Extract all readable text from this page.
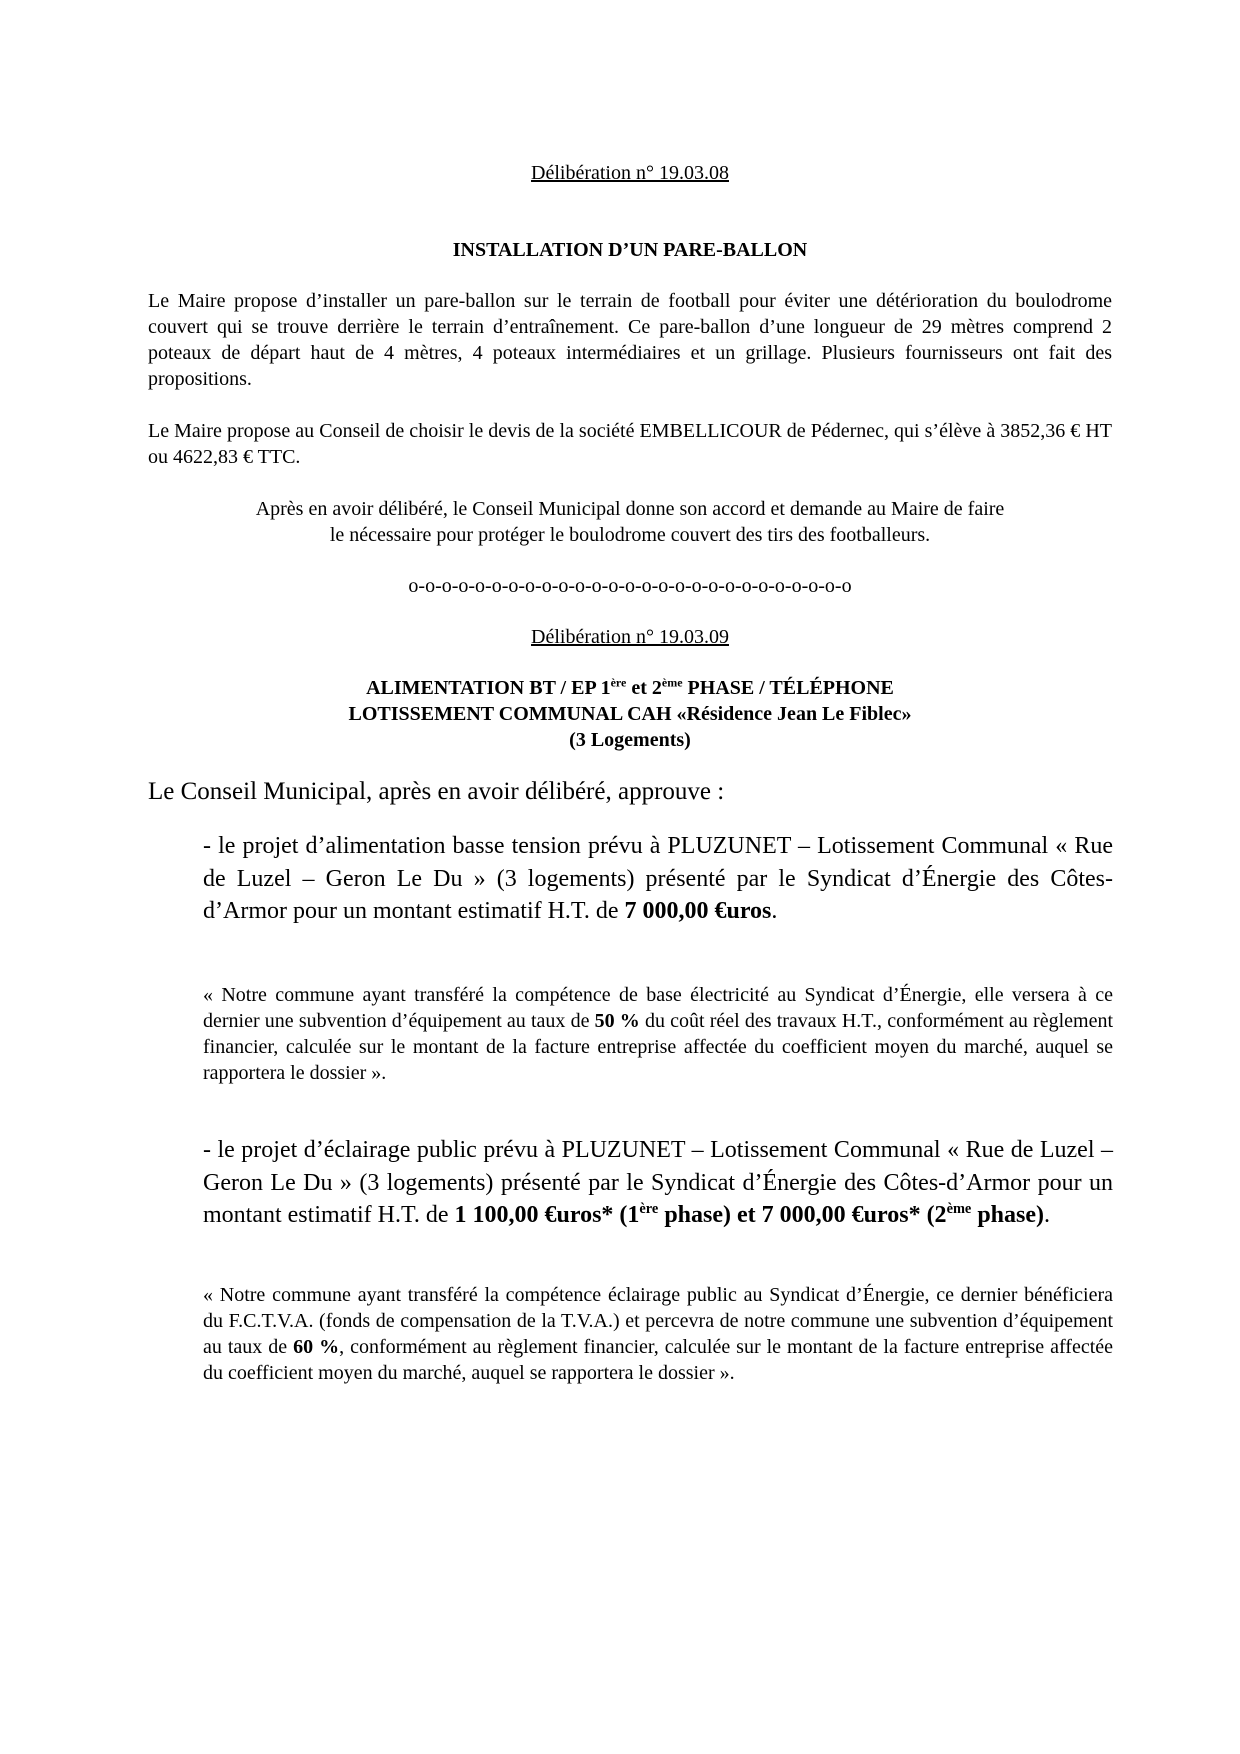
Délibération n° 19.03.08
INSTALLATION D’UN PARE-BALLON
Le Maire propose d’installer un pare-ballon sur le terrain de football pour éviter une détérioration du boulodrome couvert qui se trouve derrière le terrain d’entraînement. Ce pare-ballon d’une longueur de 29 mètres comprend 2 poteaux de départ haut de 4 mètres, 4 poteaux intermédiaires et un grillage. Plusieurs fournisseurs ont fait des propositions.
Le Maire propose au Conseil de choisir le devis de la société EMBELLICOUR de Pédernec, qui s’élève à 3852,36 € HT ou 4622,83 € TTC.
Après en avoir délibéré, le Conseil Municipal donne son accord et demande au Maire de faire
le nécessaire pour protéger le boulodrome couvert des tirs des footballeurs.
o-o-o-o-o-o-o-o-o-o-o-o-o-o-o-o-o-o-o-o-o-o-o-o-o-o-o
Délibération n° 19.03.09
ALIMENTATION BT / EP 1ère et 2ème PHASE / TÉLÉPHONE
LOTISSEMENT COMMUNAL CAH «Résidence Jean Le Fiblec»
(3 Logements)
Le Conseil Municipal, après en avoir délibéré, approuve :
- le projet d’alimentation basse tension prévu à PLUZUNET – Lotissement Communal « Rue de Luzel – Geron Le Du » (3 logements) présenté par le Syndicat d’Énergie des Côtes-d’Armor pour un montant estimatif H.T. de 7 000,00 €uros.
« Notre commune ayant transféré la compétence de base électricité au Syndicat d’Énergie, elle versera à ce dernier une subvention d’équipement au taux de 50 % du coût réel des travaux H.T., conformément au règlement financier, calculée sur le montant de la facture entreprise affectée du coefficient moyen du marché, auquel se rapportera le dossier ».
- le projet d’éclairage public prévu à PLUZUNET – Lotissement Communal « Rue de Luzel – Geron Le Du » (3 logements) présenté par le Syndicat d’Énergie des Côtes-d’Armor pour un montant estimatif H.T. de 1 100,00 €uros* (1ère phase) et 7 000,00 €uros* (2ème phase).
« Notre commune ayant transféré la compétence éclairage public au Syndicat d’Énergie, ce dernier bénéficiera du F.C.T.V.A. (fonds de compensation de la T.V.A.) et percevra de notre commune une subvention d’équipement au taux de 60 %, conformément au règlement financier, calculée sur le montant de la facture entreprise affectée du coefficient moyen du marché, auquel se rapportera le dossier ».
